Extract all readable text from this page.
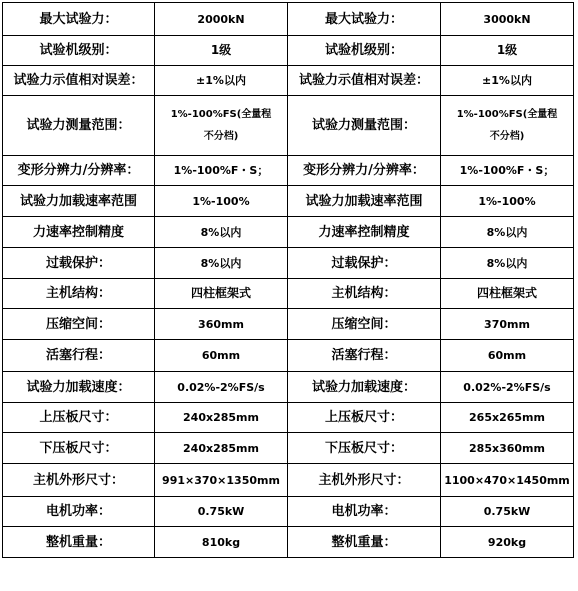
最大试验力：	2000kN	最大试验力：	3000kN
试验机级别：	1级	试验机级别：	1级
试验力示值相对误差：	±1%以内	试验力示值相对误差：	±1%以内
试验力测量范围：	1%-100%FS(全量程不分档)	试验力测量范围：	1%-100%FS(全量程不分档)
变形分辨力/分辨率：	1%-100%F・S；	变形分辨力/分辨率：	1%-100%F・S；
试验力加载速率范围	1%-100%	试验力加载速率范围	1%-100%
力速率控制精度	8%以内	力速率控制精度	8%以内
过载保护：	8%以内	过载保护：	8%以内
主机结构：	四柱框架式	主机结构：	四柱框架式
压缩空间：	360mm	压缩空间：	370mm
活塞行程：	60mm	活塞行程：	60mm
试验力加载速度：	0.02%-2%FS/s	试验力加载速度：	0.02%-2%FS/s
上压板尺寸：	240x285mm	上压板尺寸：	265x265mm
下压板尺寸：	240x285mm	下压板尺寸：	285x360mm
主机外形尺寸：	991×370×1350mm	主机外形尺寸：	1100×470×1450mm
电机功率：	0.75kW	电机功率：	0.75kW
整机重量：	810kg	整机重量：	920kg
